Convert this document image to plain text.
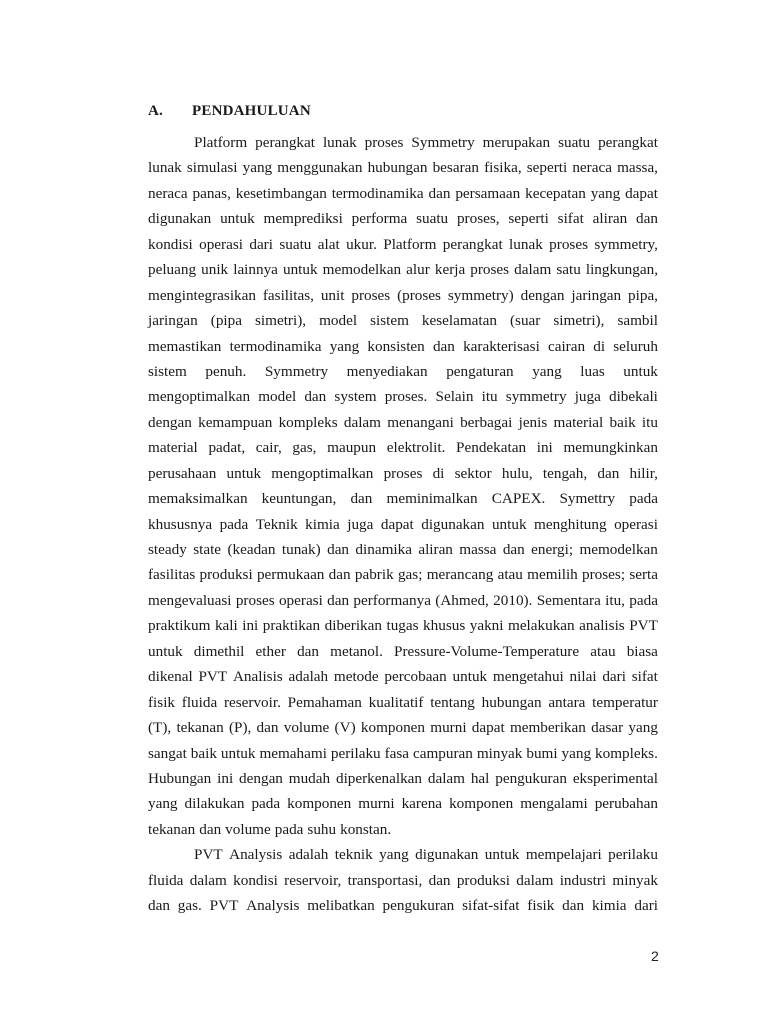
A. PENDAHULUAN
Platform perangkat lunak proses Symmetry merupakan suatu perangkat
lunak simulasi yang menggunakan hubungan besaran fisika, seperti neraca massa,
neraca panas, kesetimbangan termodinamika dan persamaan kecepatan yang dapat
digunakan untuk memprediksi performa suatu proses, seperti sifat aliran dan
kondisi operasi dari suatu alat ukur. Platform perangkat lunak proses symmetry,
peluang unik lainnya untuk memodelkan alur kerja proses dalam satu lingkungan,
mengintegrasikan fasilitas, unit proses (proses symmetry) dengan jaringan pipa,
jaringan (pipa simetri), model sistem keselamatan (suar simetri), sambil
memastikan termodinamika yang konsisten dan karakterisasi cairan di seluruh
sistem penuh. Symmetry menyediakan pengaturan yang luas untuk
mengoptimalkan model dan system proses. Selain itu symmetry juga dibekali
dengan kemampuan kompleks dalam menangani berbagai jenis material baik itu
material padat, cair, gas, maupun elektrolit. Pendekatan ini memungkinkan
perusahaan untuk mengoptimalkan proses di sektor hulu, tengah, dan hilir,
memaksimalkan keuntungan, dan meminimalkan CAPEX. Symettry pada
khususnya pada Teknik kimia juga dapat digunakan untuk menghitung operasi
steady state (keadan tunak) dan dinamika aliran massa dan energi; memodelkan
fasilitas produksi permukaan dan pabrik gas; merancang atau memilih proses; serta
mengevaluasi proses operasi dan performanya (Ahmed, 2010). Sementara itu, pada
praktikum kali ini praktikan diberikan tugas khusus yakni melakukan analisis PVT
untuk dimethil ether dan metanol. Pressure-Volume-Temperature atau biasa
dikenal PVT Analisis adalah metode percobaan untuk mengetahui nilai dari sifat
fisik fluida reservoir. Pemahaman kualitatif tentang hubungan antara temperatur
(T), tekanan (P), dan volume (V) komponen murni dapat memberikan dasar yang
sangat baik untuk memahami perilaku fasa campuran minyak bumi yang kompleks.
Hubungan ini dengan mudah diperkenalkan dalam hal pengukuran eksperimental
yang dilakukan pada komponen murni karena komponen mengalami perubahan
tekanan dan volume pada suhu konstan.
PVT Analysis adalah teknik yang digunakan untuk mempelajari perilaku
fluida dalam kondisi reservoir, transportasi, dan produksi dalam industri minyak
dan gas. PVT Analysis melibatkan pengukuran sifat-sifat fisik dan kimia dari
2
